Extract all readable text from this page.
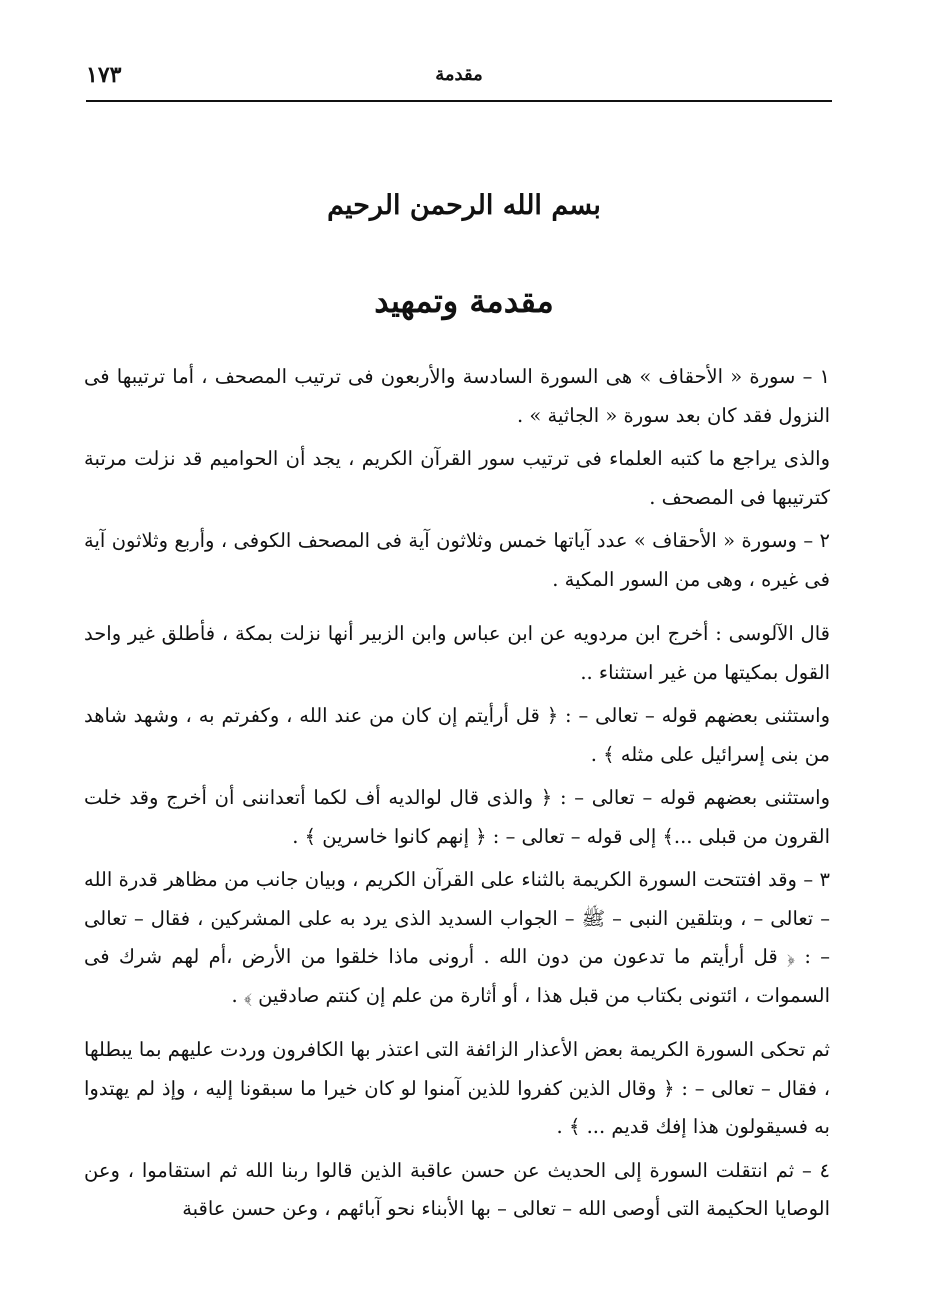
١٧٣	مقدمة
بسم الله الرحمن الرحيم
مقدمة وتمهيد

١ – سورة « الأحقاف » هى السورة السادسة والأربعون فى ترتيب المصحف ، أما ترتيبها فى النزول فقد كان بعد سورة « الجاثية » .

والذى يراجع ما كتبه العلماء فى ترتيب سور القرآن الكريم ، يجد أن الحواميم قد نزلت مرتبة كترتيبها فى المصحف .

٢ – وسورة « الأحقاف » عدد آياتها خمس وثلاثون آية فى المصحف الكوفى ، وأربع وثلاثون آية فى غيره ، وهى من السور المكية .

قال الآلوسى : أخرج ابن مردويه عن ابن عباس وابن الزبير أنها نزلت بمكة ، فأطلق غير واحد القول بمكيتها من غير استثناء ..

واستثنى بعضهم قوله – تعالى – : ﴿ قل أرأيتم إن كان من عند الله ، وكفرتم به ، وشهد شاهد من بنى إسرائيل على مثله ﴾ .

واستثنى بعضهم قوله – تعالى – : ﴿ والذى قال لوالديه أف لكما أتعداننى أن أخرج وقد خلت القرون من قبلى ...﴾ إلى قوله – تعالى – : ﴿ إنهم كانوا خاسرين ﴾ .

٣ – وقد افتتحت السورة الكريمة بالثناء على القرآن الكريم ، وبيان جانب من مظاهر قدرة الله – تعالى – ، وبتلقين النبى – ﷺ – الجواب السديد الذى يرد به على المشركين ، فقال – تعالى – : ﴿ قل أرأيتم ما تدعون من دون الله . أرونى ماذا خلقوا من الأرض ،أم لهم شرك فى السموات ، ائتونى بكتاب من قبل هذا ، أو أثارة من علم إن كنتم صادقين ﴾ .

ثم تحكى السورة الكريمة بعض الأعذار الزائفة التى اعتذر بها الكافرون وردت عليهم بما يبطلها ، فقال – تعالى – : ﴿ وقال الذين كفروا للذين آمنوا لو كان خيرا ما سبقونا إليه ، وإذ لم يهتدوا به فسيقولون هذا إفك قديم ... ﴾ .

٤ – ثم انتقلت السورة إلى الحديث عن حسن عاقبة الذين قالوا ربنا الله ثم استقاموا ، وعن الوصايا الحكيمة التى أوصى الله – تعالى – بها الأبناء نحو آبائهم ، وعن حسن عاقبة
